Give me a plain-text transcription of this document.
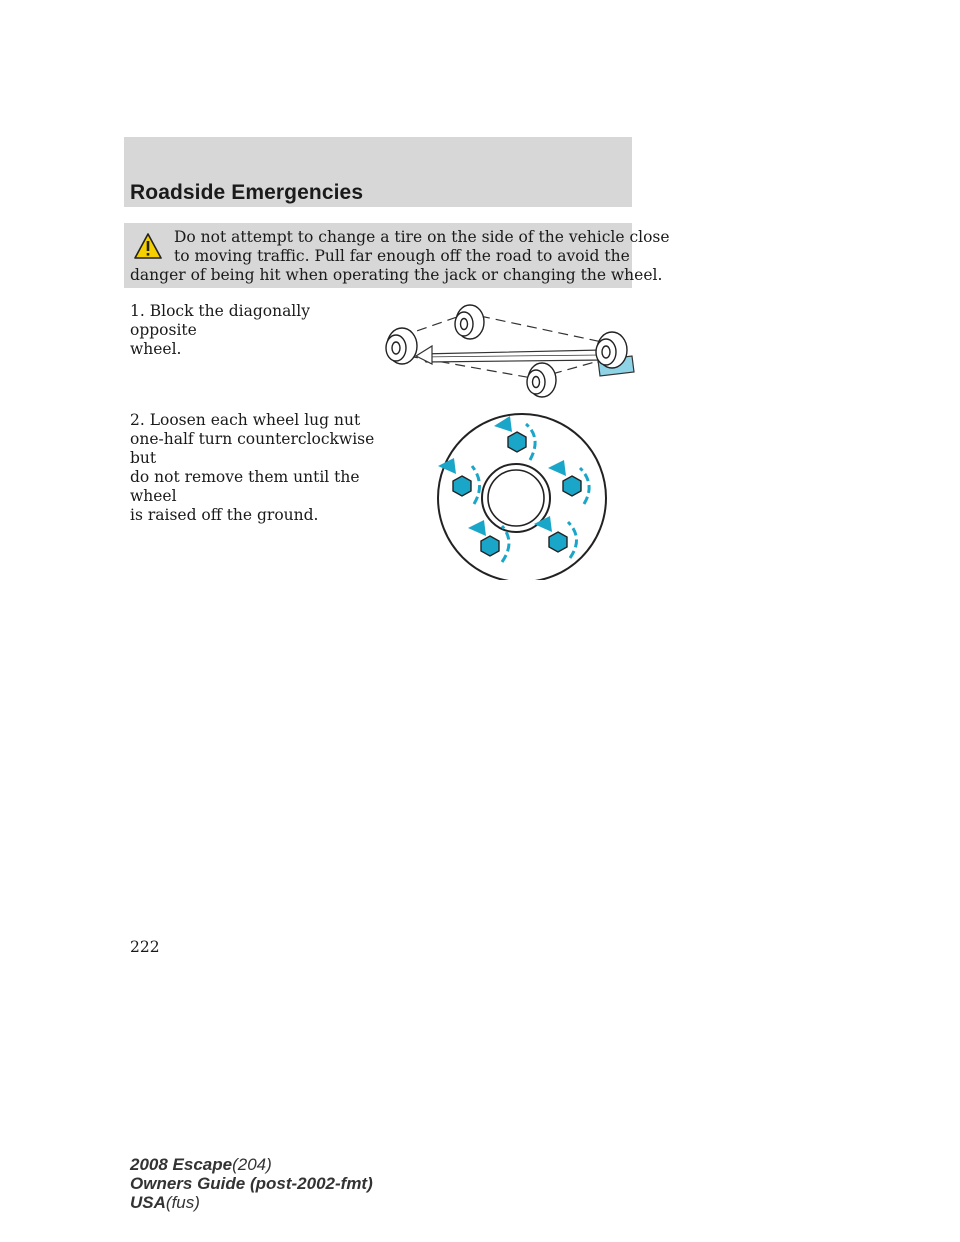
Roadside Emergencies
Do not attempt to change a tire on the side of the vehicle close
to moving traffic. Pull far enough off the road to avoid the
danger of being hit when operating the jack or changing the wheel.
1. Block the diagonally opposite
wheel.
2. Loosen each wheel lug nut
one-half turn counterclockwise but
do not remove them until the wheel
is raised off the ground.
222
2008 Escape(204)
Owners Guide (post-2002-fmt)
USA(fus)
